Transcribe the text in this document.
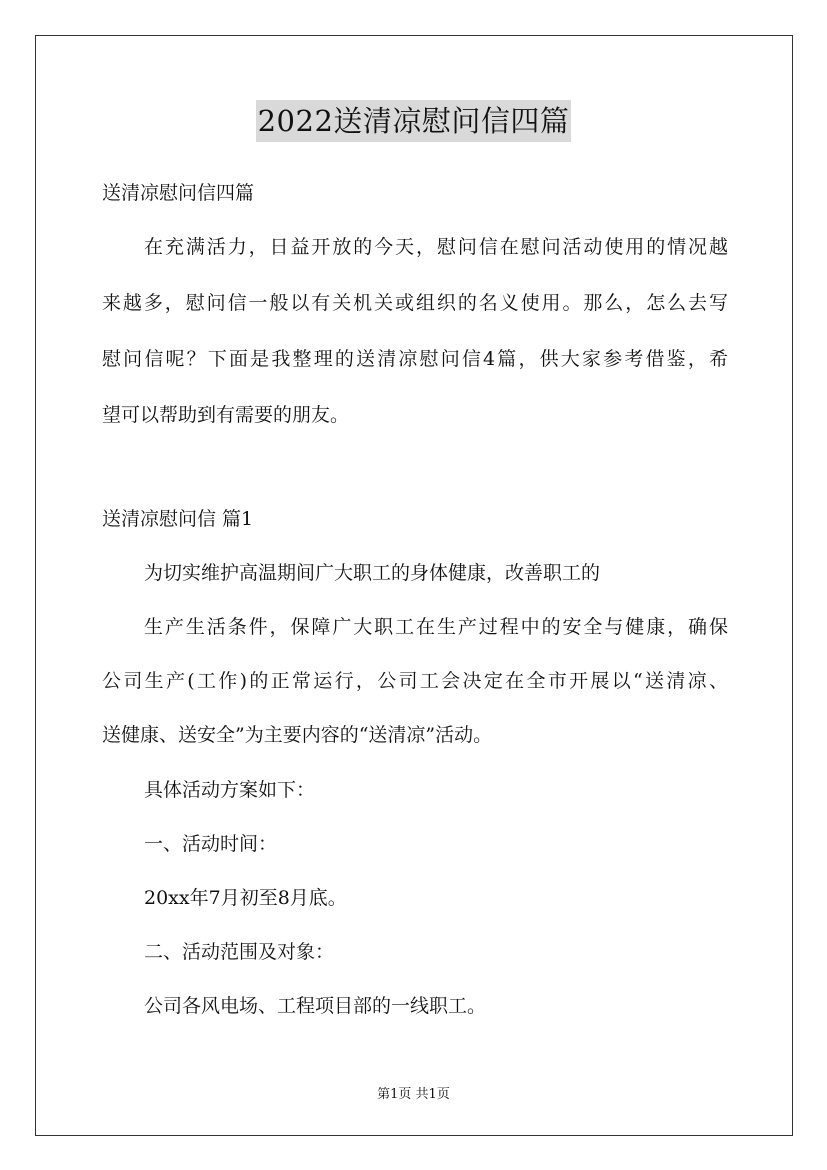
2022送清凉慰问信四篇
送清凉慰问信四篇
在充满活力，日益开放的今天，慰问信在慰问活动使用的情况越
来越多，慰问信一般以有关机关或组织的名义使用。那么，怎么去写
慰问信呢？下面是我整理的送清凉慰问信4篇，供大家参考借鉴，希
望可以帮助到有需要的朋友。
送清凉慰问信 篇1
为切实维护高温期间广大职工的身体健康，改善职工的
生产生活条件，保障广大职工在生产过程中的安全与健康，确保
公司生产(工作)的正常运行，公司工会决定在全市开展以“送清凉、
送健康、送安全”为主要内容的“送清凉”活动。
具体活动方案如下：
一、活动时间：
20xx年7月初至8月底。
二、活动范围及对象：
公司各风电场、工程项目部的一线职工。
第1页 共1页
